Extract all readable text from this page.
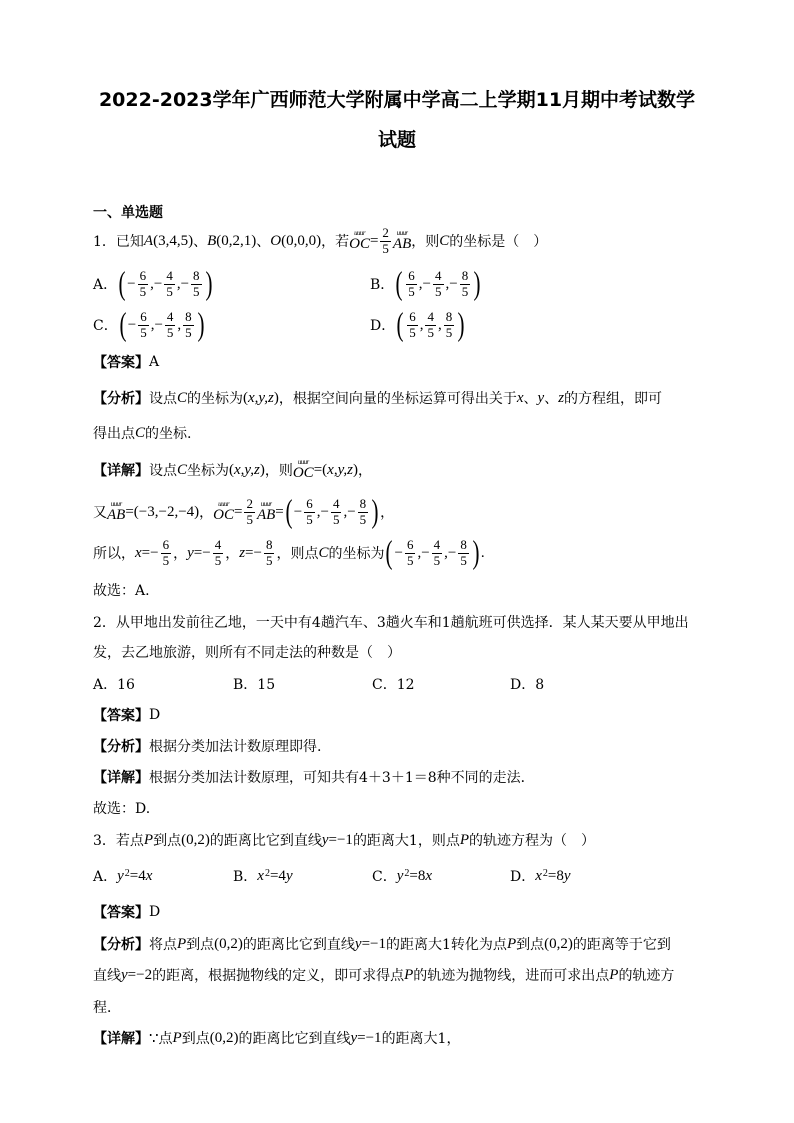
2022-2023学年广西师范大学附属中学高二上学期11月期中考试数学
试题
一、单选题
1．已知 A (3,4,5) 、 B (0,2,1) 、 O (0,0,0) ，若
uuur
OC = $\frac{2}{5}$ uuur
AB ，则 C 的坐标是（　）
A． ( − $\frac{6}{5}$ ,− $\frac{4}{5}$ ,− $\frac{8}{5}$ )	B． ( $\frac{6}{5}$ ,− $\frac{4}{5}$ ,− $\frac{8}{5}$ )
C． ( − $\frac{6}{5}$ ,− $\frac{4}{5}$ , $\frac{8}{5}$ )	D． ( $\frac{6}{5}$ , $\frac{4}{5}$ , $\frac{8}{5}$ )
【答案】 A
【分析】 设点 C 的坐标为 ( x,y,z ) ，根据空间向量的坐标运算可得出关于 x 、 y 、 z 的方程组，即可
得出点 C 的坐标.
【详解】 设点 C 坐标为 ( x,y,z ) ，则
uuur
OC = ( x,y,z ) ，
又
uuur
AB =(−3,−2,−4) ，
uuur
OC = $\frac{2}{5}$ uuur
AB = ( − $\frac{6}{5}$ ,− $\frac{4}{5}$ ,− $\frac{8}{5}$ ) ，
所以， $x =- \frac{6}{5}$ ， $y =- \frac{4}{5}$ ， $z =- \frac{8}{5}$ ，则点 C 的坐标为 ( − $\frac{6}{5}$ ,− $\frac{4}{5}$ ,− $\frac{8}{5}$ ) .
故选：A.
2．从甲地出发前往乙地，一天中有4趟汽车、3趟火车和1趟航班可供选择．某人某天要从甲地出
发，去乙地旅游，则所有不同走法的种数是（　）
A．16	B．15	C．12	D．8
【答案】 D
【分析】 根据分类加法计数原理即得.
【详解】 根据分类加法计数原理，可知共有4＋3＋1＝8种不同的走法．
故选：D.
3．若点 P 到点 (0,2) 的距离比它到直线 y =−1 的距离大1，则点 P 的轨迹方程为（　）
A． y 2 =4 x	B． x 2 =4 y	C． y 2 =8 x	D． x 2 =8 y
【答案】 D
【分析】 将点 P 到点 (0,2) 的距离比它到直线 y =−1 的距离大1转化为点 P 到点 (0,2) 的距离等于它到
直线 y =−2 的距离，根据抛物线的定义，即可求得点 P 的轨迹为抛物线，进而可求出点 P 的轨迹方
程．
【详解】 ∵ 点 P 到点 (0,2) 的距离比它到直线 y =−1 的距离大1，
